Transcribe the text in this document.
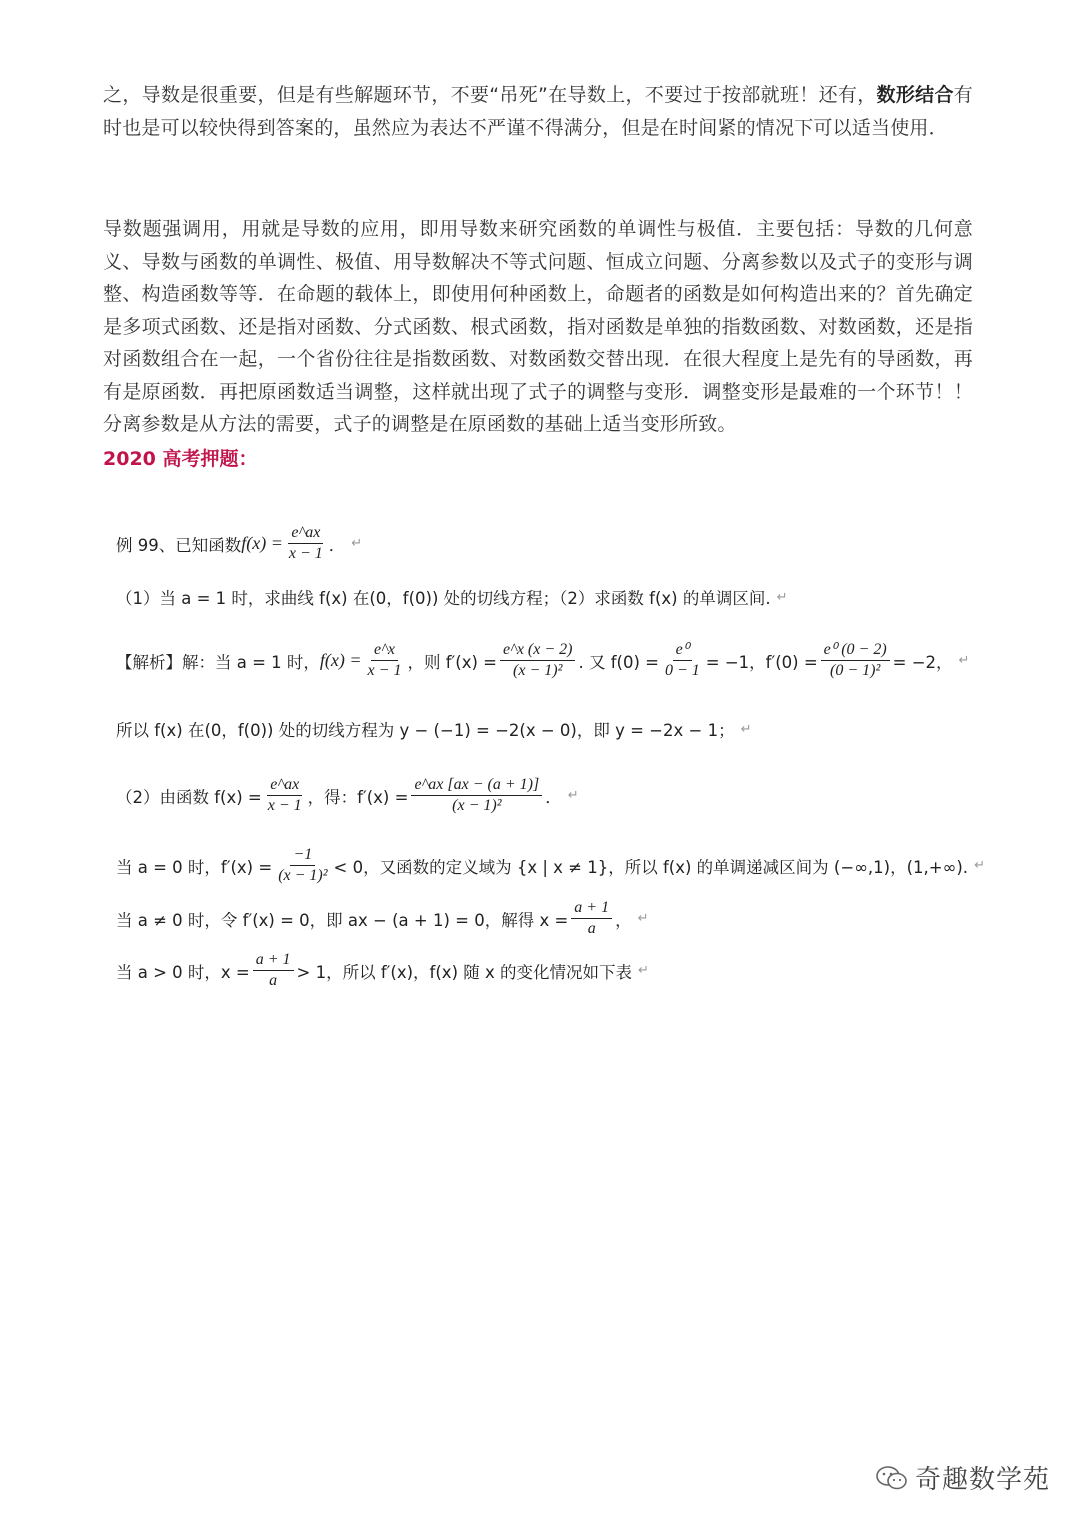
之，导数是很重要，但是有些解题环节，不要“吊死”在导数上，不要过于按部就班！还有，数形结合有时也是可以较快得到答案的，虽然应为表达不严谨不得满分，但是在时间紧的情况下可以适当使用．

导数题强调用，用就是导数的应用，即用导数来研究函数的单调性与极值．主要包括：导数的几何意义、导数与函数的单调性、极值、用导数解决不等式问题、恒成立问题、分离参数以及式子的变形与调整、构造函数等等．在命题的载体上，即使用何种函数上，命题者的函数是如何构造出来的？首先确定是多项式函数、还是指对函数、分式函数、根式函数，指对函数是单独的指数函数、对数函数，还是指对函数组合在一起，一个省份往往是指数函数、对数函数交替出现．在很大程度上是先有的导函数，再有是原函数．再把原函数适当调整，这样就出现了式子的调整与变形．调整变形是最难的一个环节！！分离参数是从方法的需要，式子的调整是在原函数的基础上适当变形所致。

2020 高考押题：

例 99、已知函数 $f(x) = \frac{e\^{}ax}{x - 1}$ ． ↵
（1）当 a = 1 时，求曲线 f(x) 在(0，f(0)) 处的切线方程；（2）求函数 f(x) 的单调区间. ↵
【解析】解：当 a = 1 时， $f(x) = \frac{e\^{}x}{x - 1}$ ，则 $f'(x) = \frac{e\^{}x (x - 2)}{\text{(x − 1)²}}$ . 又 $f(0) = \frac{\text{e⁰}}{0 - 1} = -1$，$f'(0) = \frac{\text{e⁰ (0 − 2)}}{\text{(0 − 1)²}} = -2$， ↵
所以 f(x) 在(0，f(0)) 处的切线方程为 y − (−1) = −2(x − 0)，即 y = −2x − 1； ↵
（2）由函数 $f(x) = \frac{e\^{}ax}{x - 1}$ ，得：$f'(x) = \frac{e\^{}ax [ax - (a + 1)]}{\text{(x − 1)²}}$ ． ↵
当 a = 0 时，$f'(x) = \frac{-1}{\text{(x − 1)²}} < 0$，又函数的定义域为 {x | x ≠ 1}，所以 f(x) 的单调递减区间为 (−∞,1)，(1,+∞). ↵
当 a ≠ 0 时，令 f′(x) = 0，即 ax − (a + 1) = 0，解得 $x = \frac{a + 1}{a}$ ， ↵
当 a > 0 时，$x = \frac{a + 1}{a} > 1$，所以 f′(x)，f(x) 随 x 的变化情况如下表 ↵
奇趣数学苑
